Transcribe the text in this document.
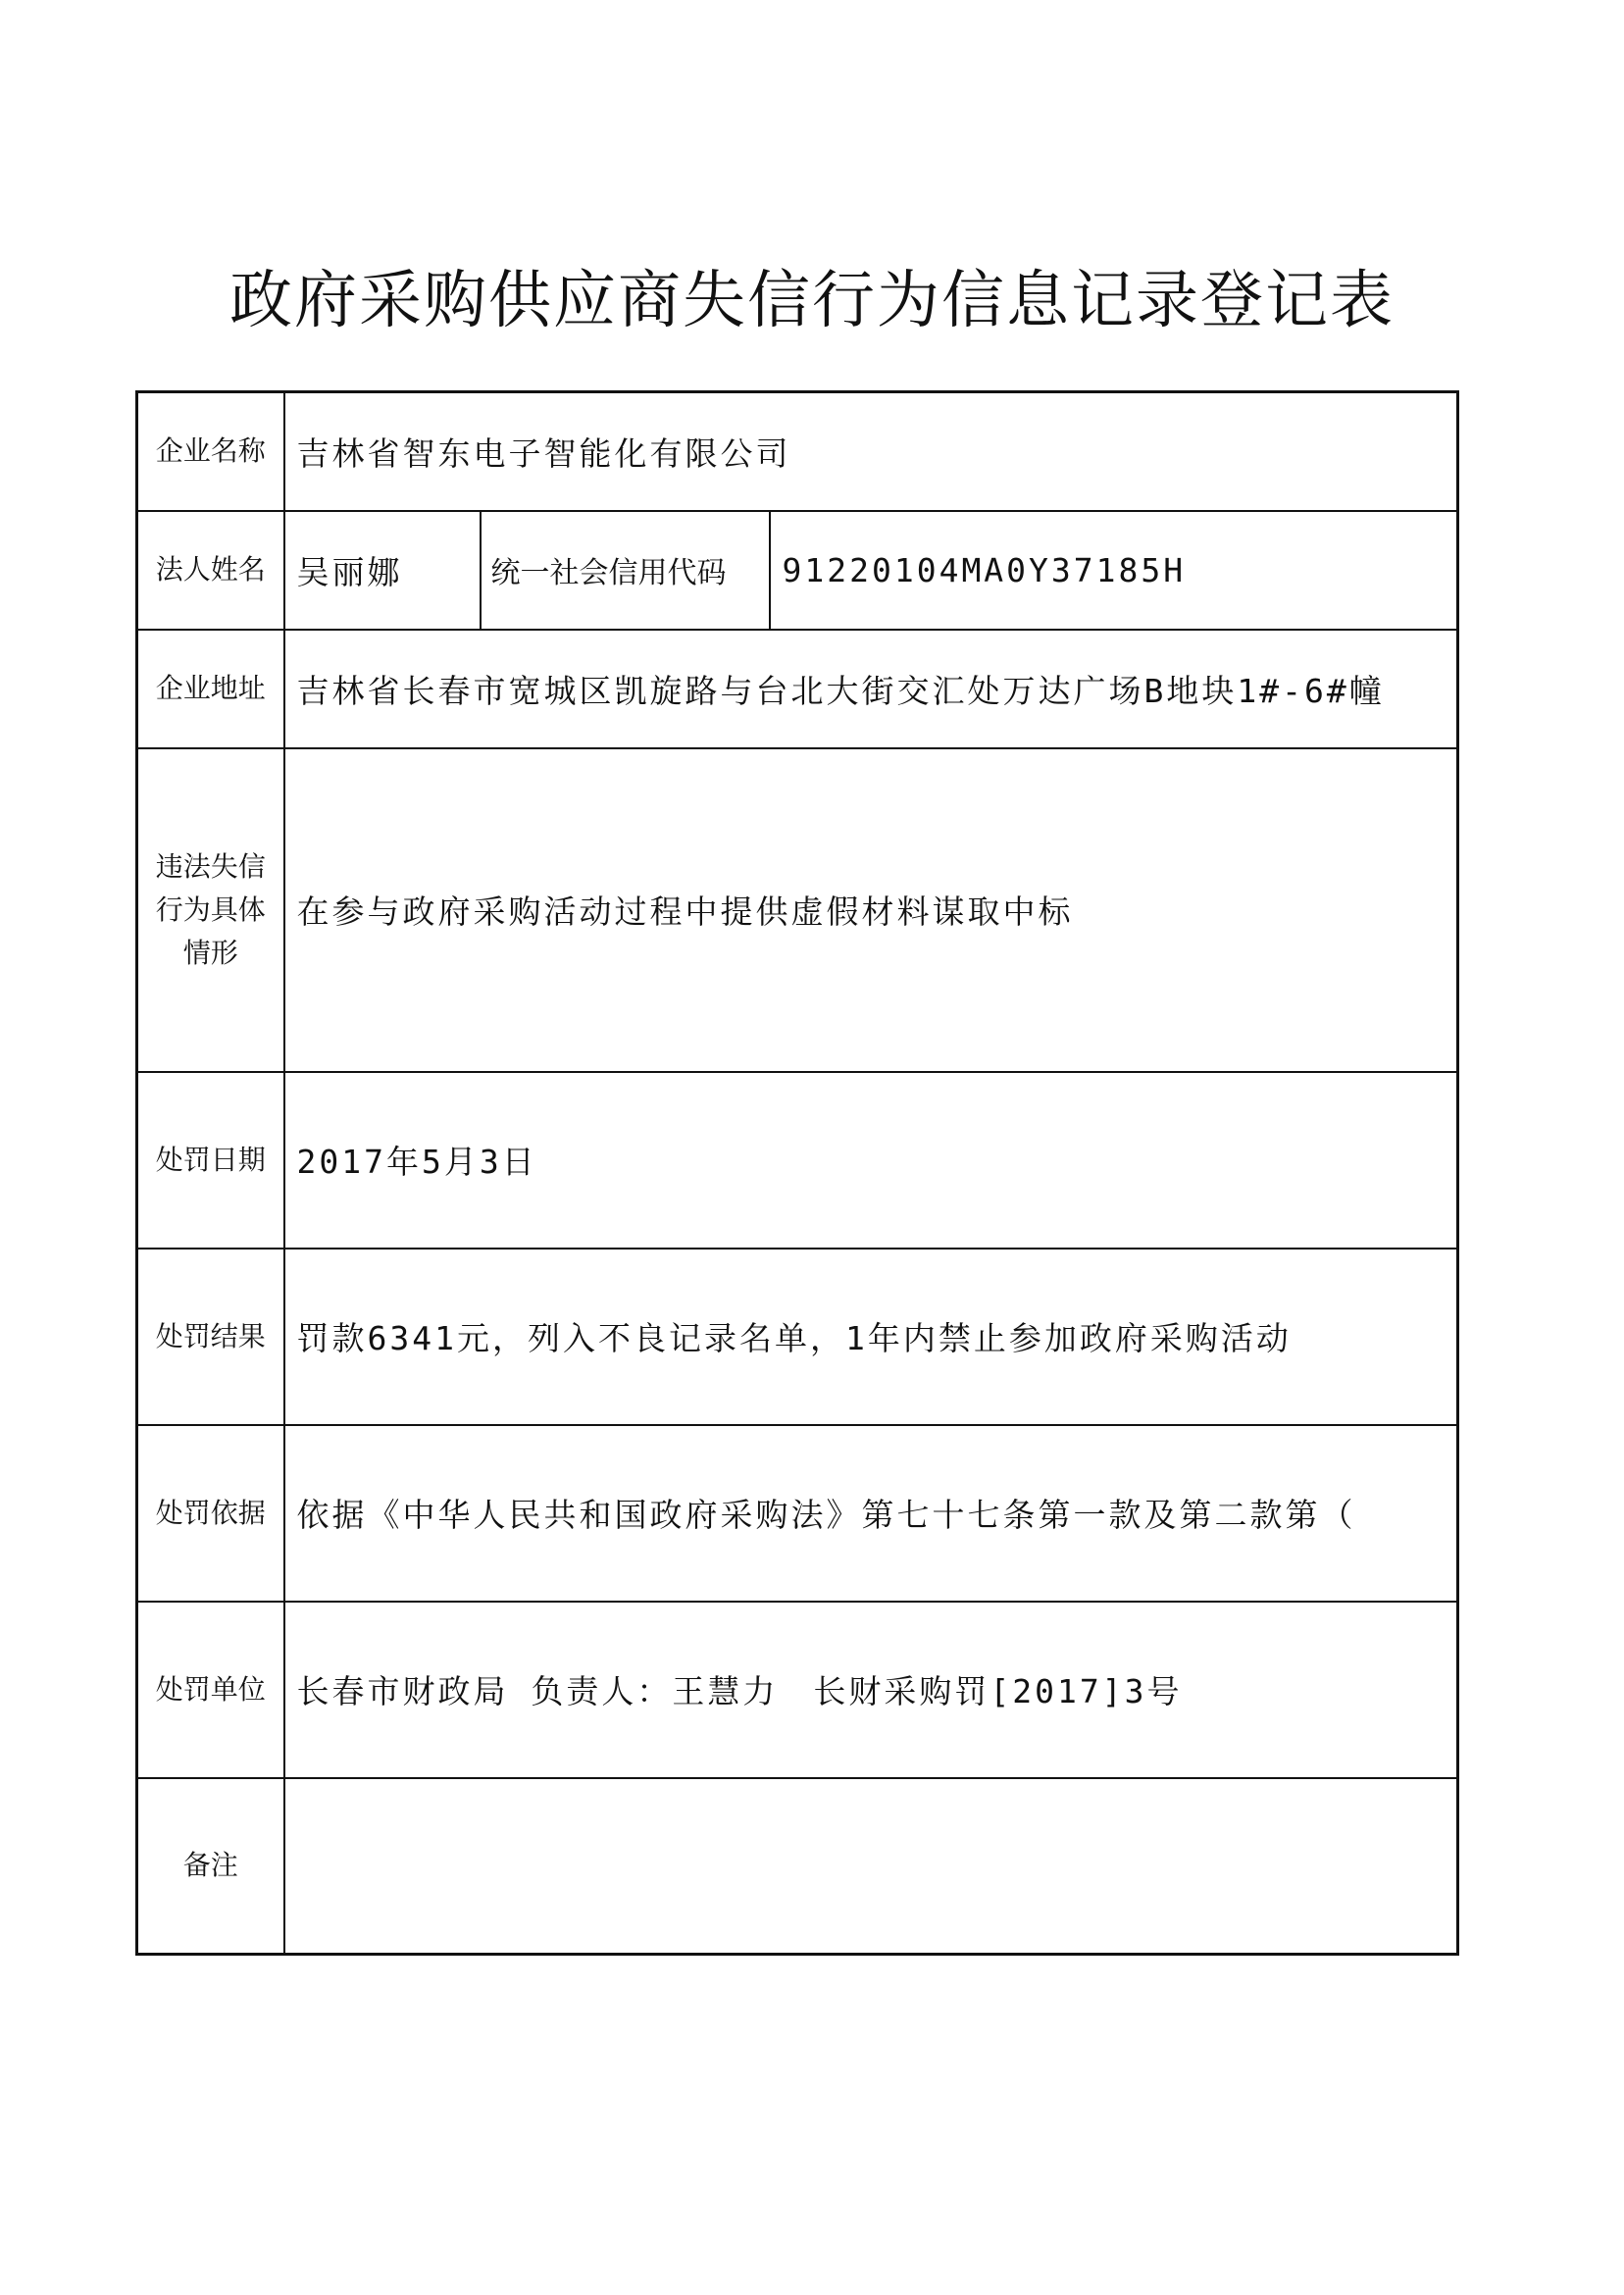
政府采购供应商失信行为信息记录登记表
企业名称	吉林省智东电子智能化有限公司		
法人姓名	吴丽娜	统一社会信用代码	91220104MA0Y37185H
企业地址	吉林省长春市宽城区凯旋路与台北大街交汇处万达广场B地块1#-6#幢		
违法失信行为具体情形	在参与政府采购活动过程中提供虚假材料谋取中标		
处罚日期	2017年5月3日		
处罚结果	罚款6341元，列入不良记录名单，1年内禁止参加政府采购活动		
处罚依据	依据《中华人民共和国政府采购法》第七十七条第一款及第二款第（		
处罚单位	长春市财政局 负责人：王慧力　长财采购罚[2017]3号		
备注			
